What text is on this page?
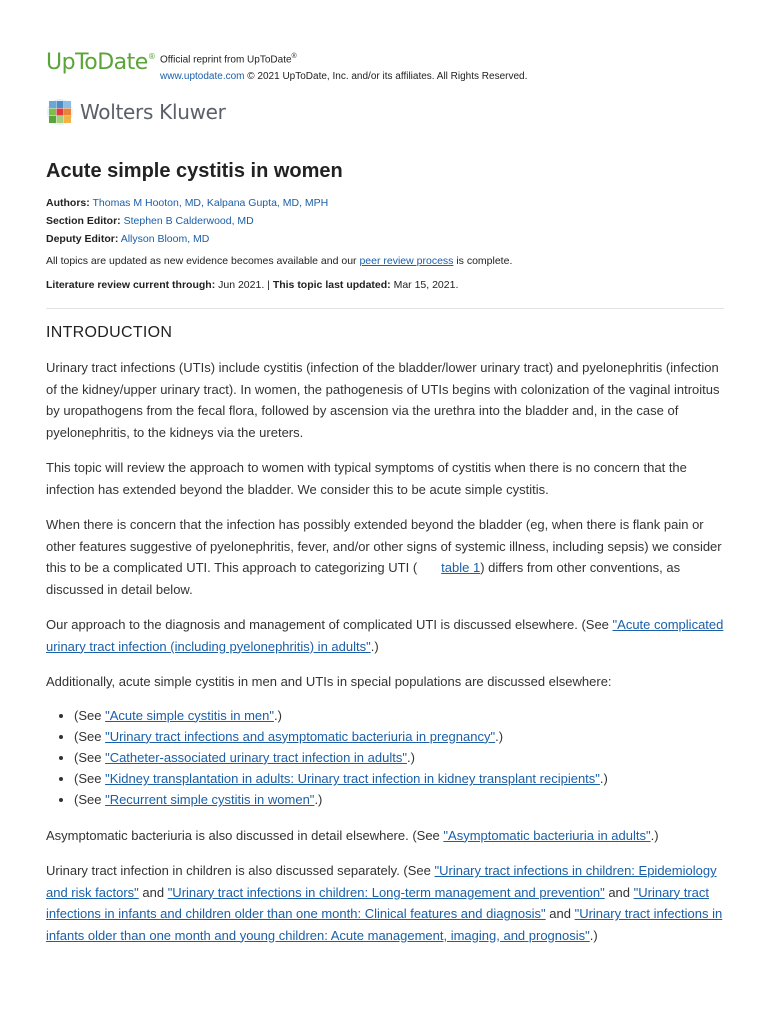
UpToDate® Official reprint from UpToDate®
www.uptodate.com © 2021 UpToDate, Inc. and/or its affiliates. All Rights Reserved.
Wolters Kluwer
Acute simple cystitis in women
Authors: Thomas M Hooton, MD, Kalpana Gupta, MD, MPH
Section Editor: Stephen B Calderwood, MD
Deputy Editor: Allyson Bloom, MD
All topics are updated as new evidence becomes available and our peer review process is complete.
Literature review current through: Jun 2021. | This topic last updated: Mar 15, 2021.
INTRODUCTION

Urinary tract infections (UTIs) include cystitis (infection of the bladder/lower urinary tract) and pyelonephritis (infection of the kidney/upper urinary tract). In women, the pathogenesis of UTIs begins with colonization of the vaginal introitus by uropathogens from the fecal flora, followed by ascension via the urethra into the bladder and, in the case of pyelonephritis, to the kidneys via the ureters.

This topic will review the approach to women with typical symptoms of cystitis when there is no concern that the infection has extended beyond the bladder. We consider this to be acute simple cystitis.

When there is concern that the infection has possibly extended beyond the bladder (eg, when there is flank pain or other features suggestive of pyelonephritis, fever, and/or other signs of systemic illness, including sepsis) we consider this to be a complicated UTI. This approach to categorizing UTI ( table 1) differs from other conventions, as discussed in detail below.

Our approach to the diagnosis and management of complicated UTI is discussed elsewhere. (See "Acute complicated urinary tract infection (including pyelonephritis) in adults".)

Additionally, acute simple cystitis in men and UTIs in special populations are discussed elsewhere:

• (See "Acute simple cystitis in men".)
• (See "Urinary tract infections and asymptomatic bacteriuria in pregnancy".)
• (See "Catheter-associated urinary tract infection in adults".)
• (See "Kidney transplantation in adults: Urinary tract infection in kidney transplant recipients".)
• (See "Recurrent simple cystitis in women".)

Asymptomatic bacteriuria is also discussed in detail elsewhere. (See "Asymptomatic bacteriuria in adults".)

Urinary tract infection in children is also discussed separately. (See "Urinary tract infections in children: Epidemiology and risk factors" and "Urinary tract infections in children: Long-term management and prevention" and "Urinary tract infections in infants and children older than one month: Clinical features and diagnosis" and "Urinary tract infections in infants older than one month and young children: Acute management, imaging, and prognosis".)
